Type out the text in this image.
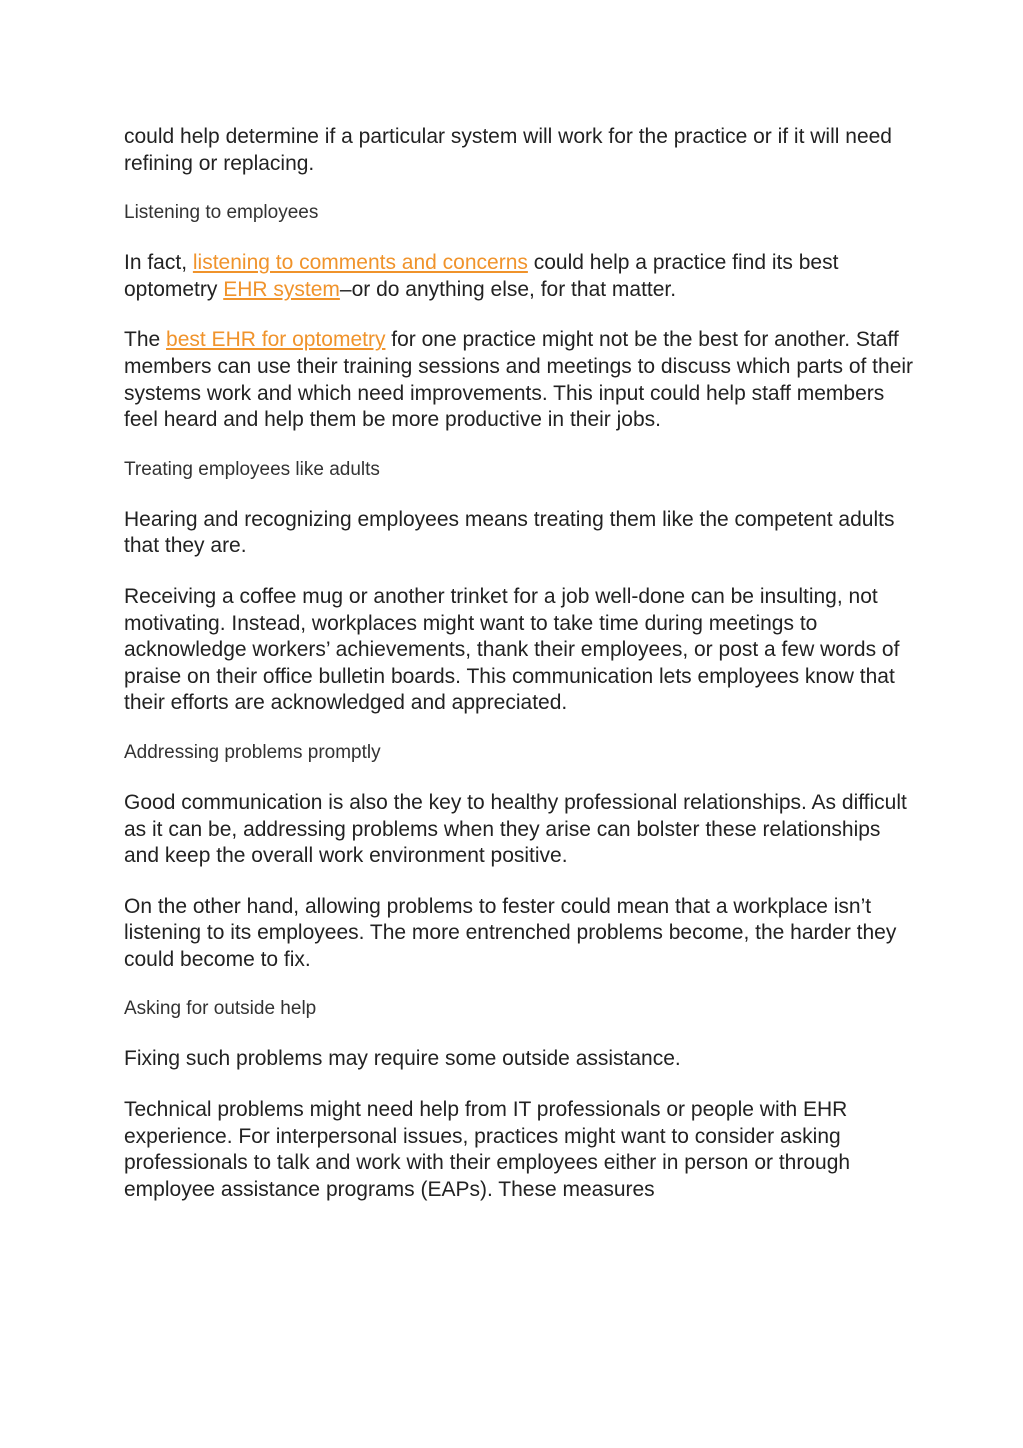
could help determine if a particular system will work for the practice or if it will need refining or replacing.

Listening to employees

In fact, listening to comments and concerns could help a practice find its best optometry EHR system–or do anything else, for that matter.

The best EHR for optometry for one practice might not be the best for another. Staff members can use their training sessions and meetings to discuss which parts of their systems work and which need improvements. This input could help staff members feel heard and help them be more productive in their jobs.

Treating employees like adults

Hearing and recognizing employees means treating them like the competent adults that they are.

Receiving a coffee mug or another trinket for a job well-done can be insulting, not motivating. Instead, workplaces might want to take time during meetings to acknowledge workers’ achievements, thank their employees, or post a few words of praise on their office bulletin boards. This communication lets employees know that their efforts are acknowledged and appreciated.

Addressing problems promptly

Good communication is also the key to healthy professional relationships. As difficult as it can be, addressing problems when they arise can bolster these relationships and keep the overall work environment positive.

On the other hand, allowing problems to fester could mean that a workplace isn’t listening to its employees. The more entrenched problems become, the harder they could become to fix.

Asking for outside help

Fixing such problems may require some outside assistance.

Technical problems might need help from IT professionals or people with EHR experience. For interpersonal issues, practices might want to consider asking professionals to talk and work with their employees either in person or through employee assistance programs (EAPs). These measures
